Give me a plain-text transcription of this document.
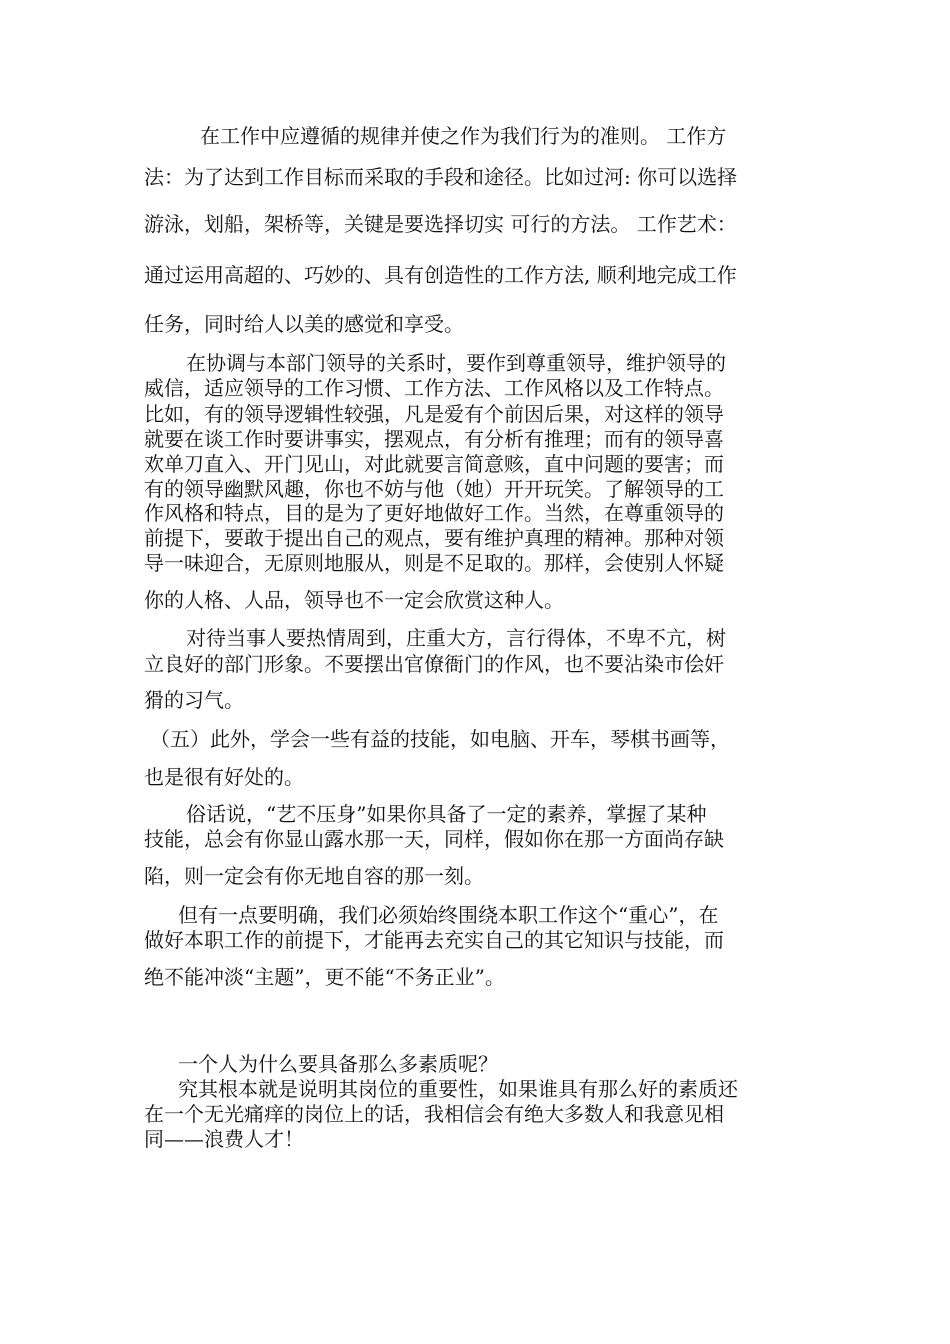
在工作中应遵循的规律并使之作为我们行为的准则。 工作方
法：为了达到工作目标而采取的手段和途径。比如过河: 你可以选择
游泳，划船，架桥等，关键是要选择切实 可行的方法。 工作艺术：
通过运用高超的、巧妙的、具有创造性的工作方法, 顺利地完成工作
任务，同时给人以美的感觉和享受。
在协调与本部门领导的关系时，要作到尊重领导，维护领导的
威信，适应领导的工作习惯、工作方法、工作风格以及工作特点。
比如，有的领导逻辑性较强，凡是爱有个前因后果，对这样的领导
就要在谈工作时要讲事实，摆观点，有分析有推理；而有的领导喜
欢单刀直入、开门见山，对此就要言简意赅，直中问题的要害；而
有的领导幽默风趣，你也不妨与他（她）开开玩笑。了解领导的工
作风格和特点，目的是为了更好地做好工作。当然，在尊重领导的
前提下，要敢于提出自己的观点，要有维护真理的精神。那种对领
导一味迎合，无原则地服从，则是不足取的。那样，会使别人怀疑
你的人格、人品，领导也不一定会欣赏这种人。
对待当事人要热情周到，庄重大方，言行得体，不卑不亢，树
立良好的部门形象。不要摆出官僚衙门的作风，也不要沾染市侩奸
猾的习气。
（五）此外，学会一些有益的技能，如电脑、开车，琴棋书画等，
也是很有好处的。
俗话说，“艺不压身”如果你具备了一定的素养，掌握了某种
技能，总会有你显山露水那一天，同样，假如你在那一方面尚存缺
陷，则一定会有你无地自容的那一刻。
但有一点要明确，我们必须始终围绕本职工作这个“重心”，在
做好本职工作的前提下，才能再去充实自己的其它知识与技能，而
绝不能冲淡“主题”，更不能“不务正业”。
一个人为什么要具备那么多素质呢？
究其根本就是说明其岗位的重要性，如果谁具有那么好的素质还
在一个无光痛痒的岗位上的话，我相信会有绝大多数人和我意见相
同——浪费人才！
